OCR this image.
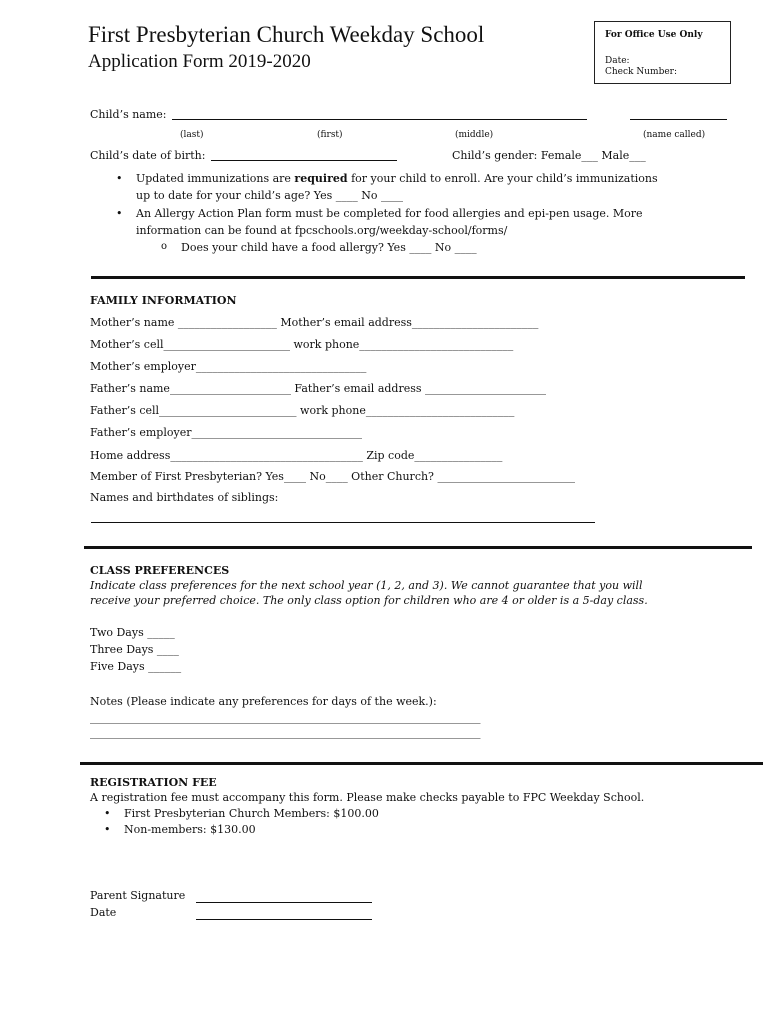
First Presbyterian Church Weekday School
Application Form 2019-2020
For Office Use Only
Date:
Check Number:
Child’s name:
(last)	(first)	(middle)	(name called)
Child’s date of birth:	Child’s gender: Female___ Male___
• Updated immunizations are required for your child to enroll. Are your child’s immunizations
up to date for your child’s age? Yes ____ No ____
• An Allergy Action Plan form must be completed for food allergies and epi-pen usage. More
information can be found at fpcschools.org/weekday-school/forms/
o Does your child have a food allergy? Yes ____ No ____
FAMILY INFORMATION
Mother’s name __________________ Mother’s email address_______________________
Mother’s cell_______________________ work phone____________________________
Mother’s employer_______________________________
Father’s name______________________ Father’s email address ______________________
Father’s cell_________________________ work phone___________________________
Father’s employer_______________________________
Home address___________________________________ Zip code________________
Member of First Presbyterian? Yes____ No____ Other Church? _________________________
Names and birthdates of siblings:
CLASS PREFERENCES
Indicate class preferences for the next school year (1, 2, and 3). We cannot guarantee that you will
receive your preferred choice. The only class option for children who are 4 or older is a 5-day class.
Two Days _____
Three Days ____
Five Days ______
Notes (Please indicate any preferences for days of the week.):
_______________________________________________________________________
_______________________________________________________________________
REGISTRATION FEE
A registration fee must accompany this form. Please make checks payable to FPC Weekday School.
• First Presbyterian Church Members: $100.00
• Non-members: $130.00
Parent Signature
Date
